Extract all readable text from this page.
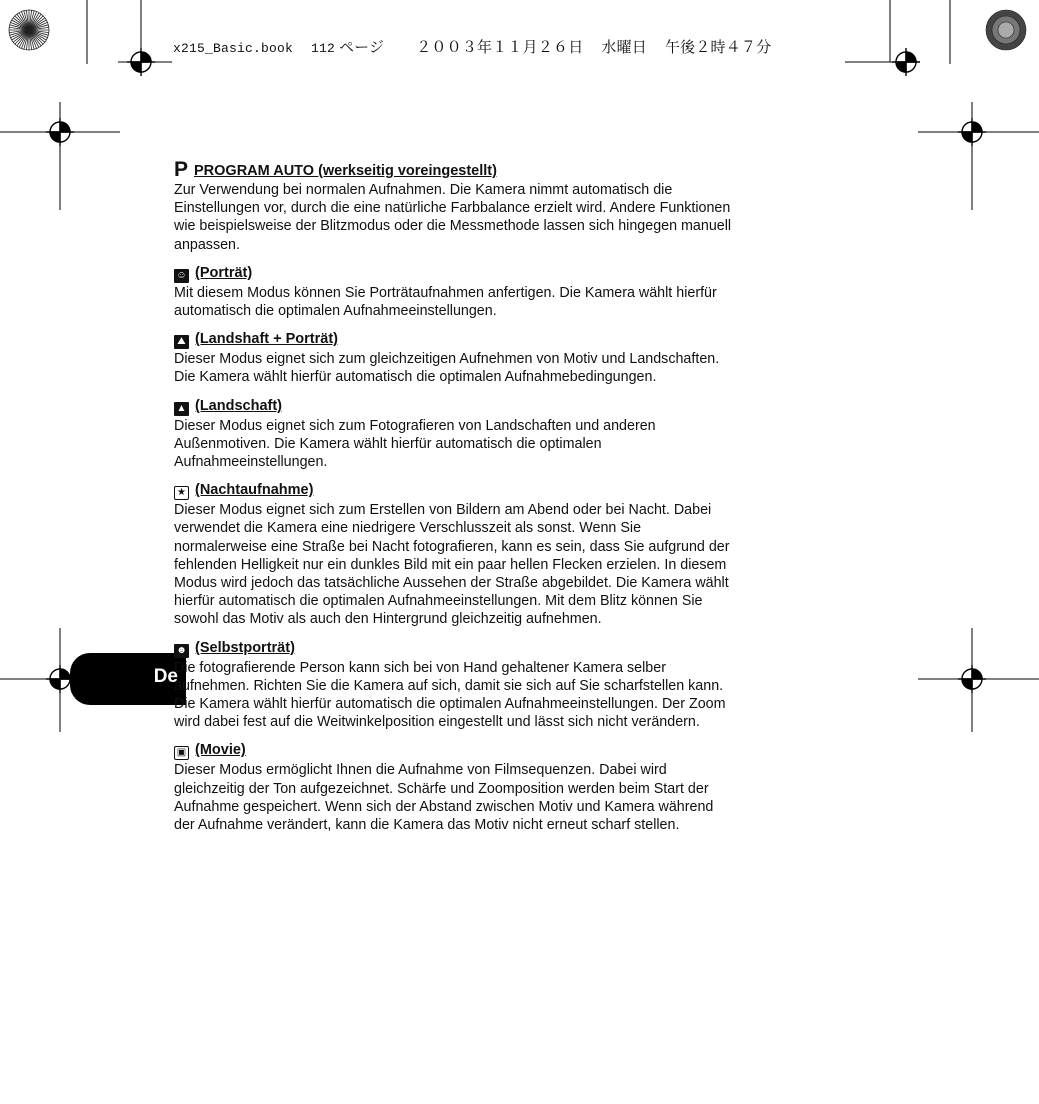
x215_Basic.book 112 ページ ２００３年１１月２６日 水曜日 午後２時４７分
De
P PROGRAM AUTO (werkseitig voreingestellt)
Zur Verwendung bei normalen Aufnahmen. Die Kamera nimmt automatisch die Einstellungen vor, durch die eine natürliche Farbbalance erzielt wird. Andere Funktionen wie beispielsweise der Blitzmodus oder die Messmethode lassen sich hingegen manuell anpassen.
☺ (Porträt)
Mit diesem Modus können Sie Porträtaufnahmen anfertigen. Die Kamera wählt hierfür automatisch die optimalen Aufnahmeeinstellungen.
⛰ (Landshaft + Porträt)
Dieser Modus eignet sich zum gleichzeitigen Aufnehmen von Motiv und Landschaften. Die Kamera wählt hierfür automatisch die optimalen Aufnahmebedingungen.
▲ (Landschaft)
Dieser Modus eignet sich zum Fotografieren von Landschaften und anderen Außenmotiven. Die Kamera wählt hierfür automatisch die optimalen Aufnahmeeinstellungen.
★ (Nachtaufnahme)
Dieser Modus eignet sich zum Erstellen von Bildern am Abend oder bei Nacht. Dabei verwendet die Kamera eine niedrigere Verschlusszeit als sonst. Wenn Sie normalerweise eine Straße bei Nacht fotografieren, kann es sein, dass Sie aufgrund der fehlenden Helligkeit nur ein dunkles Bild mit ein paar hellen Flecken erzielen. In diesem Modus wird jedoch das tatsächliche Aussehen der Straße abgebildet. Die Kamera wählt hierfür automatisch die optimalen Aufnahmeeinstellungen. Mit dem Blitz können Sie sowohl das Motiv als auch den Hintergrund gleichzeitig aufnehmen.
☻ (Selbstporträt)
Die fotografierende Person kann sich bei von Hand gehaltener Kamera selber aufnehmen. Richten Sie die Kamera auf sich, damit sie sich auf Sie scharfstellen kann. Die Kamera wählt hierfür automatisch die optimalen Aufnahmeeinstellungen. Der Zoom wird dabei fest auf die Weitwinkelposition eingestellt und lässt sich nicht verändern.
▣ (Movie)
Dieser Modus ermöglicht Ihnen die Aufnahme von Filmsequenzen. Dabei wird gleichzeitig der Ton aufgezeichnet. Schärfe und Zoomposition werden beim Start der Aufnahme gespeichert. Wenn sich der Abstand zwischen Motiv und Kamera während der Aufnahme verändert, kann die Kamera das Motiv nicht erneut scharf stellen.
